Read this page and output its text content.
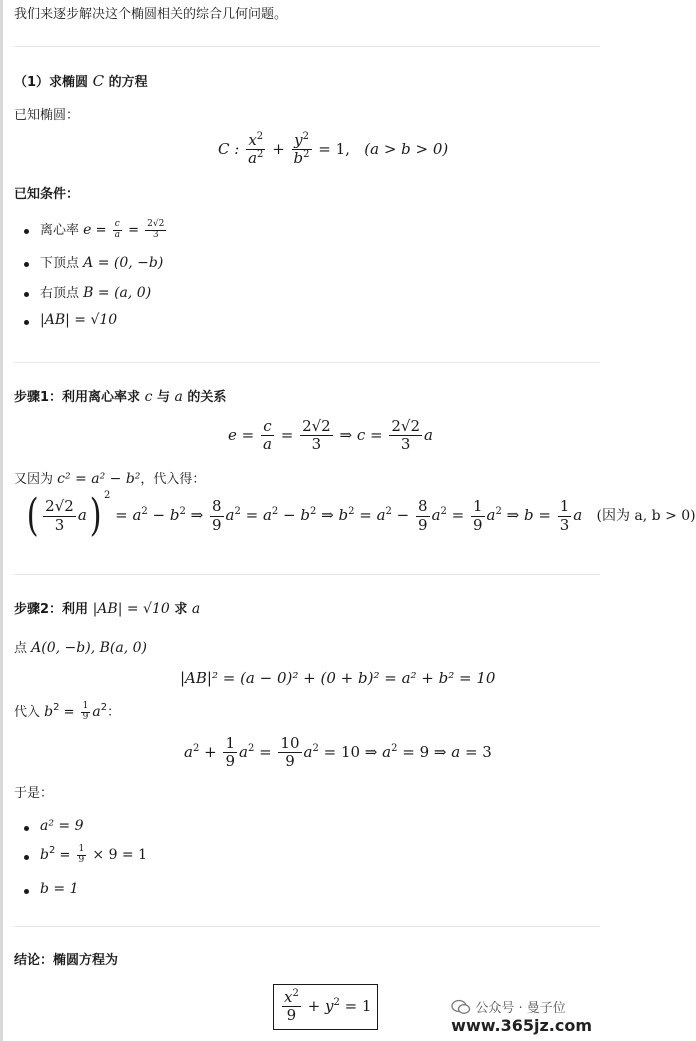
我们来逐步解决这个椭圆相关的综合几何问题。
（1）求椭圆 C 的方程
已知椭圆：
C : $\frac{x^2}{a^2} + \frac{y^2}{b^2} = 1$, (a > b > 0)
已知条件：
离心率 $e = \frac{c}{a} = \frac{2√2}{3}$
下顶点 A = (0, −b)
右顶点 B = (a, 0)
|AB| = √10
步骤1：利用离心率求 c 与 a 的关系
$e = \frac{c}{a} = \frac{2√2}{3}$ ⇒ $c = \frac{2√2}{3}$ a
又因为 c² = a² − b²，代入得：
( $\frac{2√2}{3} a$) $^2 = a^2 - b^2$ ⇒ $\frac{8}{9} a^2 = a^2 - b^2$ ⇒ $b^2 = a^2 - \frac{8}{9} a^2 = \frac{1}{9} a^2$ ⇒ $b = \frac{1}{3}$ a (因为 a, b > 0)
步骤2：利用 |AB| = √10 求 a
点 A(0, −b), B(a, 0)
|AB|² = (a − 0)² + (0 + b)² = a² + b² = 10
代入 $b^2 = \frac{1}{9} a^2$：
$a^2 + \frac{1}{9} a^2 = \frac{10}{9} a^2 = 10$ ⇒ $a^2 = 9$ ⇒ a = 3
于是：
a² = 9
$b^2 = \frac{1}{9} \times 9 = 1$
b = 1
结论：椭圆方程为
$\frac{x^2}{9} + y^2 = 1$	公众号 · 曼子位
www.365jz.com
